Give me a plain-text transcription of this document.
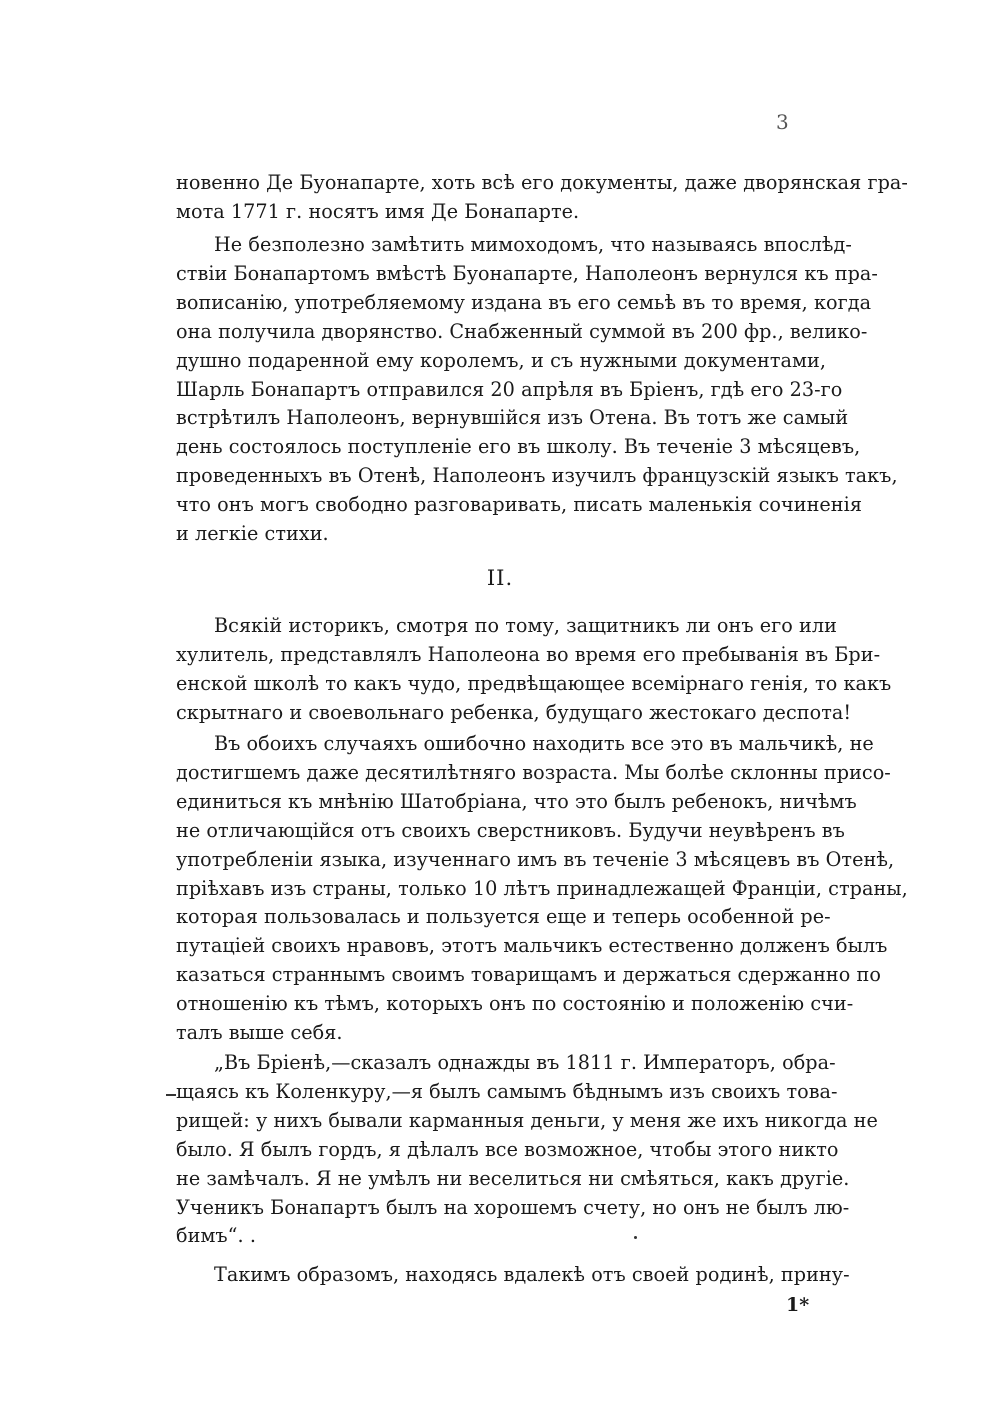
3
новенно Де Буонапарте, хоть всѣ его документы, даже дворянская гра-
мота 1771 г. носятъ имя Де Бонапарте.
Не безполезно замѣтить мимоходомъ, что называясь впослѣд-
ствіи Бонапартомъ вмѣстѣ Буонапарте, Наполеонъ вернулся къ пра-
вописанію, употребляемому издана въ его семьѣ въ то время, когда
она получила дворянство. Снабженный суммой въ 200 фр., велико-
душно подаренной ему королемъ, и съ нужными документами,
Шарль Бонапартъ отправился 20 апрѣля въ Бріенъ, гдѣ его 23-го
встрѣтилъ Наполеонъ, вернувшійся изъ Отена. Въ тотъ же самый
день состоялось поступленіе его въ школу. Въ теченіе 3 мѣсяцевъ,
проведенныхъ въ Отенѣ, Наполеонъ изучилъ французскій языкъ такъ,
что онъ могъ свободно разговаривать, писать маленькія сочиненія
и легкіе стихи.
II.
Всякій историкъ, смотря по тому, защитникъ ли онъ его или
хулитель, представлялъ Наполеона во время его пребыванія въ Бри-
енской школѣ то какъ чудо, предвѣщающее всемірнаго генія, то какъ
скрытнаго и своевольнаго ребенка, будущаго жестокаго деспота!
Въ обоихъ случаяхъ ошибочно находить все это въ мальчикѣ, не
достигшемъ даже десятилѣтняго возраста. Мы болѣе склонны присо-
единиться къ мнѣнію Шатобріана, что это былъ ребенокъ, ничѣмъ
не отличающійся отъ своихъ сверстниковъ. Будучи неувѣренъ въ
употребленіи языка, изученнаго имъ въ теченіе 3 мѣсяцевъ въ Отенѣ,
пріѣхавъ изъ страны, только 10 лѣтъ принадлежащей Франціи, страны,
которая пользовалась и пользуется еще и теперь особенной ре-
путаціей своихъ нравовъ, этотъ мальчикъ естественно долженъ былъ
казаться страннымъ своимъ товарищамъ и держаться сдержанно по
отношенію къ тѣмъ, которыхъ онъ по состоянію и положенію счи-
талъ выше себя.
„Въ Бріенѣ,—сказалъ однажды въ 1811 г. Императоръ, обра-
щаясь къ Коленкуру,—я былъ самымъ бѣднымъ изъ своихъ това-
рищей: у нихъ бывали карманныя деньги, у меня же ихъ никогда не
было. Я былъ гордъ, я дѣлалъ все возможное, чтобы этого никто
не замѣчалъ. Я не умѣлъ ни веселиться ни смѣяться, какъ другіе.
Ученикъ Бонапартъ былъ на хорошемъ счету, но онъ не былъ лю-
бимъ“. .
Такимъ образомъ, находясь вдалекѣ отъ своей родинѣ, прину-
1*
